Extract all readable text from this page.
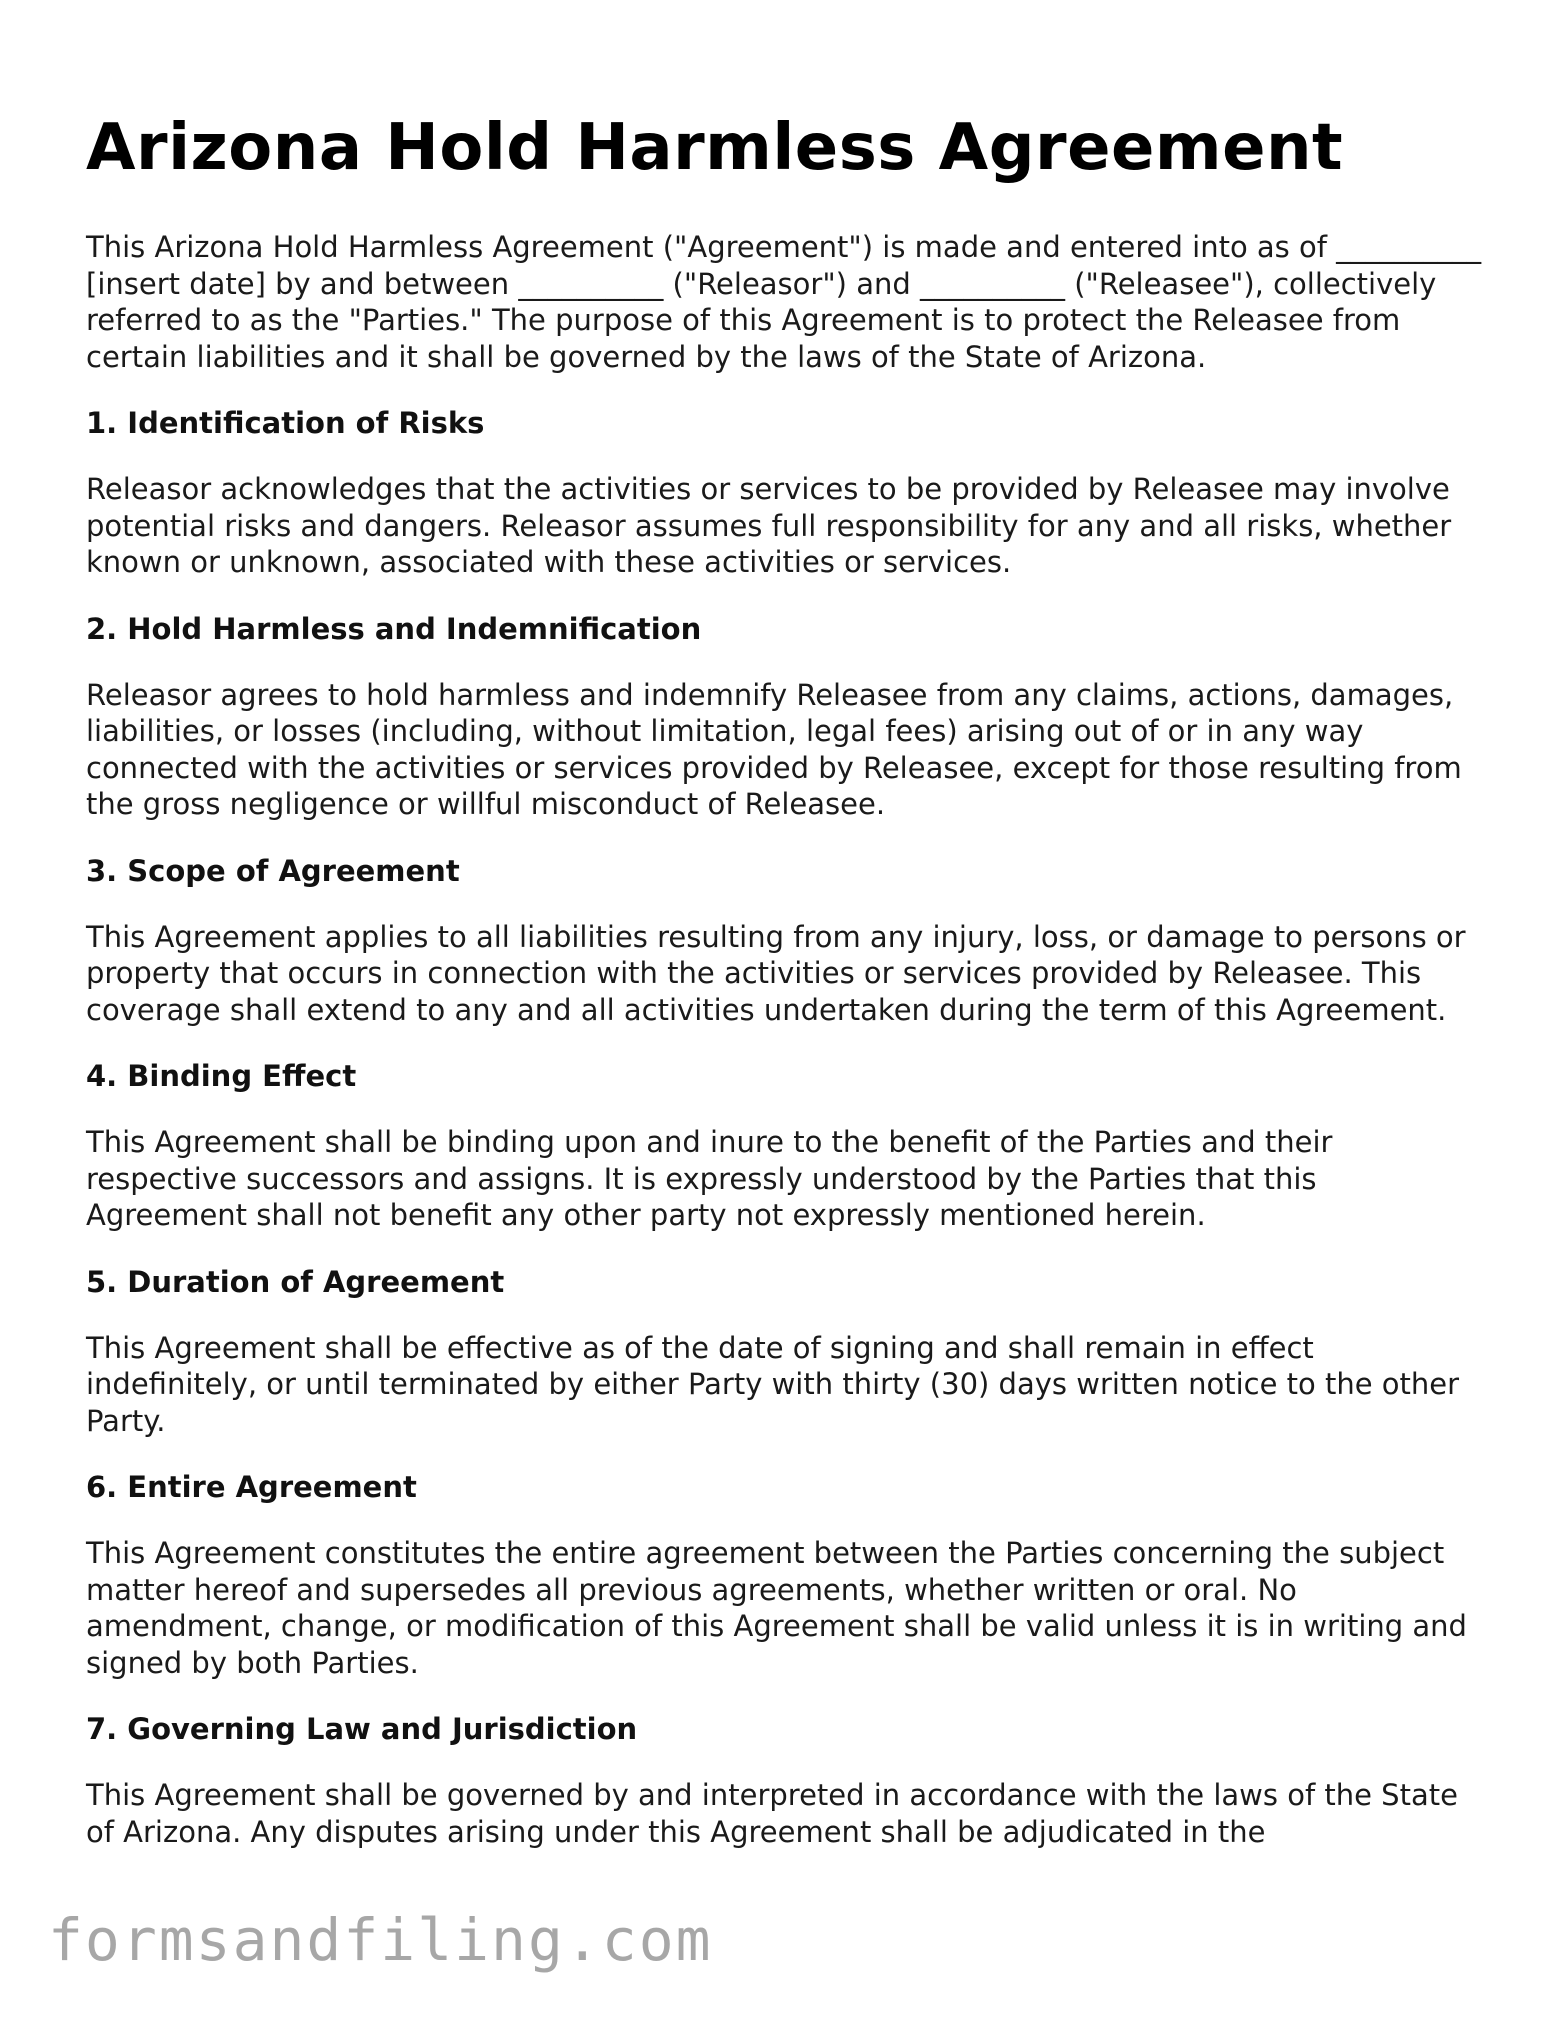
Arizona Hold Harmless Agreement

This Arizona Hold Harmless Agreement ("Agreement") is made and entered into as of __________ [insert date] by and between __________ ("Releasor") and __________ ("Releasee"), collectively referred to as the "Parties." The purpose of this Agreement is to protect the Releasee from certain liabilities and it shall be governed by the laws of the State of Arizona.

1. Identification of Risks

Releasor acknowledges that the activities or services to be provided by Releasee may involve potential risks and dangers. Releasor assumes full responsibility for any and all risks, whether known or unknown, associated with these activities or services.

2. Hold Harmless and Indemnification

Releasor agrees to hold harmless and indemnify Releasee from any claims, actions, damages, liabilities, or losses (including, without limitation, legal fees) arising out of or in any way connected with the activities or services provided by Releasee, except for those resulting from the gross negligence or willful misconduct of Releasee.

3. Scope of Agreement

This Agreement applies to all liabilities resulting from any injury, loss, or damage to persons or property that occurs in connection with the activities or services provided by Releasee. This coverage shall extend to any and all activities undertaken during the term of this Agreement.

4. Binding Effect

This Agreement shall be binding upon and inure to the benefit of the Parties and their respective successors and assigns. It is expressly understood by the Parties that this Agreement shall not benefit any other party not expressly mentioned herein.

5. Duration of Agreement

This Agreement shall be effective as of the date of signing and shall remain in effect indefinitely, or until terminated by either Party with thirty (30) days written notice to the other Party.

6. Entire Agreement

This Agreement constitutes the entire agreement between the Parties concerning the subject matter hereof and supersedes all previous agreements, whether written or oral. No amendment, change, or modification of this Agreement shall be valid unless it is in writing and signed by both Parties.

7. Governing Law and Jurisdiction

This Agreement shall be governed by and interpreted in accordance with the laws of the State of Arizona. Any disputes arising under this Agreement shall be adjudicated in the

formsandfiling.com
